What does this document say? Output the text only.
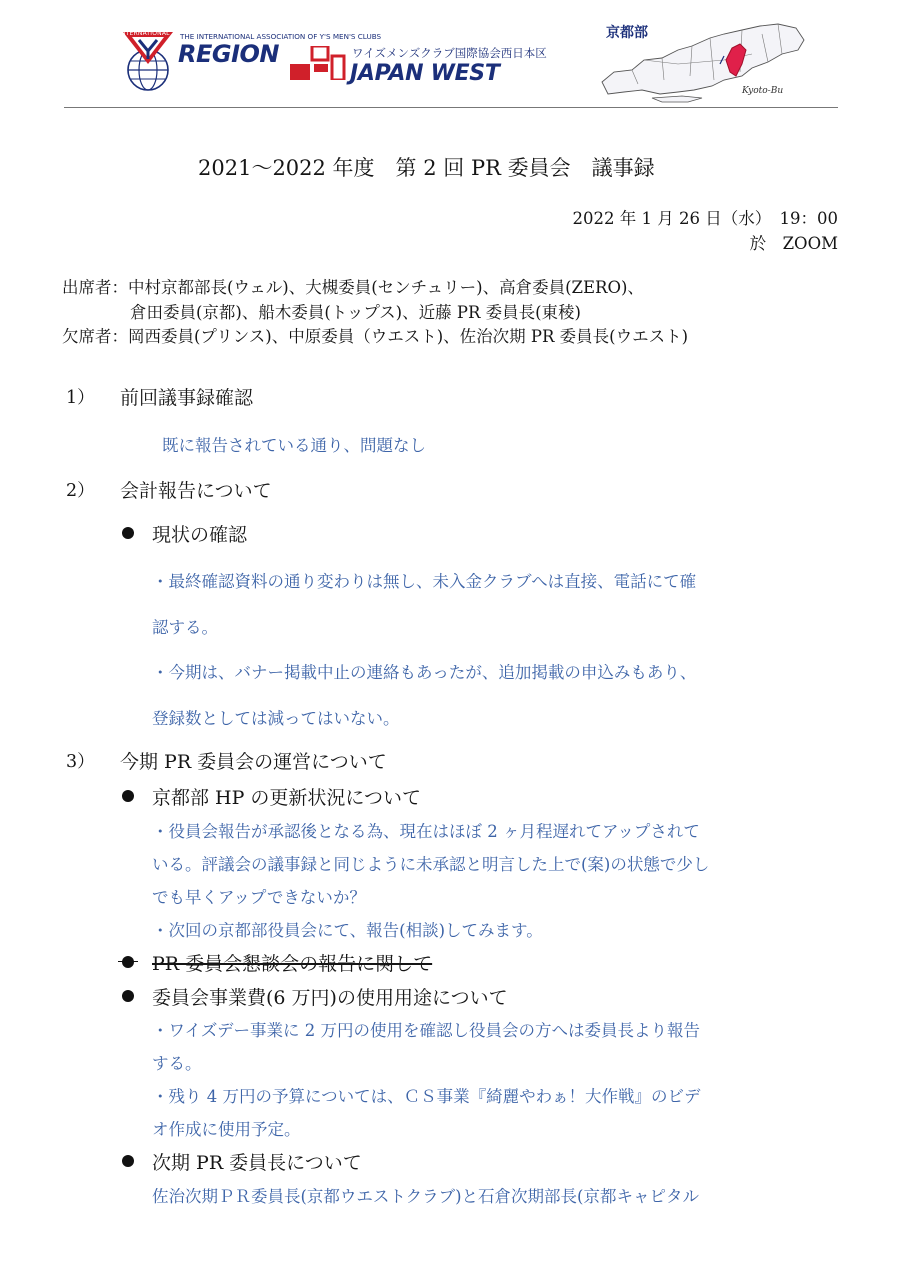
INTERNATIONAL THE INTERNATIONAL ASSOCIATION OF Y'S MEN'S CLUBS
REGION	ワイズメンズクラブ国際協会西日本区
JAPAN WEST
京都部
Kyoto-Bu
2021～2022 年度　第 2 回 PR 委員会　議事録
2022 年 1 月 26 日（水）　19：00
於　ZOOM
出席者：中村京都部長(ウェル)、大槻委員(センチュリー)、高倉委員(ZERO)、
倉田委員(京都)、船木委員(トップス)、近藤 PR 委員長(東稜)
欠席者：岡西委員(プリンス)、中原委員（ウエスト)、佐治次期 PR 委員長(ウエスト)
1） 前回議事録確認
既に報告されている通り、問題なし
2） 会計報告について
現状の確認
・最終確認資料の通り変わりは無し、未入金クラブへは直接、電話にて確
認する。
・今期は、バナー掲載中止の連絡もあったが、追加掲載の申込みもあり、
登録数としては減ってはいない。
3） 今期 PR 委員会の運営について
京都部 HP の更新状況について
・役員会報告が承認後となる為、現在はほぼ 2 ヶ月程遅れてアップされて
いる。評議会の議事録と同じように未承認と明言した上で(案)の状態で少し
でも早くアップできないか？
・次回の京都部役員会にて、報告(相談)してみます。
PR 委員会懇談会の報告に関して
委員会事業費(6 万円)の使用用途について
・ワイズデー事業に 2 万円の使用を確認し役員会の方へは委員長より報告
する。
・残り 4 万円の予算については、ＣＳ事業『綺麗やわぁ！大作戦』のビデ
オ作成に使用予定。
次期 PR 委員長について
佐治次期ＰＲ委員長(京都ウエストクラブ)と石倉次期部長(京都キャピタル
